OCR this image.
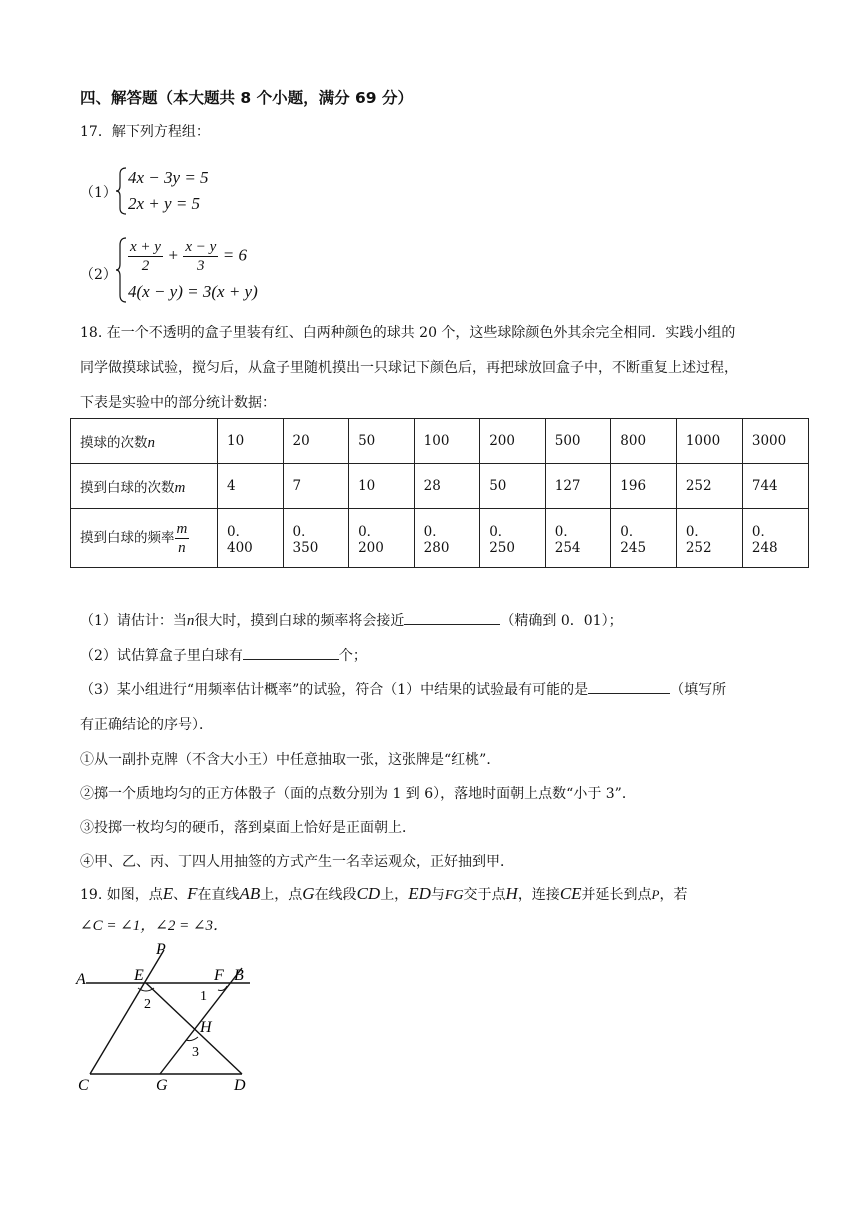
四、解答题（本大题共 8 个小题，满分 69 分）
17．解下列方程组：
（1）
4x − 3y = 5
2x + y = 5
$(2) \frac{x + y}{2} + \frac{x - y}{3} = 6$
4(x − y) = 3(x + y)
18. 在一个不透明的盒子里装有红、白两种颜色的球共 20 个，这些球除颜色外其余完全相同．实践小组的
同学做摸球试验，搅匀后，从盒子里随机摸出一只球记下颜色后，再把球放回盒子中，不断重复上述过程，
下表是实验中的部分统计数据：
摸球的次数n	10	20	50	100	200	500	800	1000	3000
摸到白球的次数m	4	7	10	28	50	127	196	252	744
摸到白球的频率 $\frac{m}{n}$	0．400	0．350	0．200	0．280	0．250	0．254	0．245	0．252	0．248
（1）请估计：当n很大时，摸到白球的频率将会接近	（精确到 0．01）；
（2）试估算盒子里白球有	个；
（3）某小组进行“用频率估计概率”的试验，符合（1）中结果的试验最有可能的是	（填写所
有正确结论的序号）．
①从一副扑克牌（不含大小王）中任意抽取一张，这张牌是“红桃”．
②掷一个质地均匀的正方体骰子（面的点数分别为 1 到 6），落地时面朝上点数“小于 3”．
③投掷一枚均匀的硬币，落到桌面上恰好是正面朝上．
④甲、乙、丙、丁四人用抽签的方式产生一名幸运观众，正好抽到甲．
19. 如图，点E、F在直线AB上，点G在线段CD上，ED与FG交于点H，连接CE并延长到点P，若
∠C = ∠1，∠2 = ∠3．
P
A	E	F B
1
2
H
3
C	G	D
